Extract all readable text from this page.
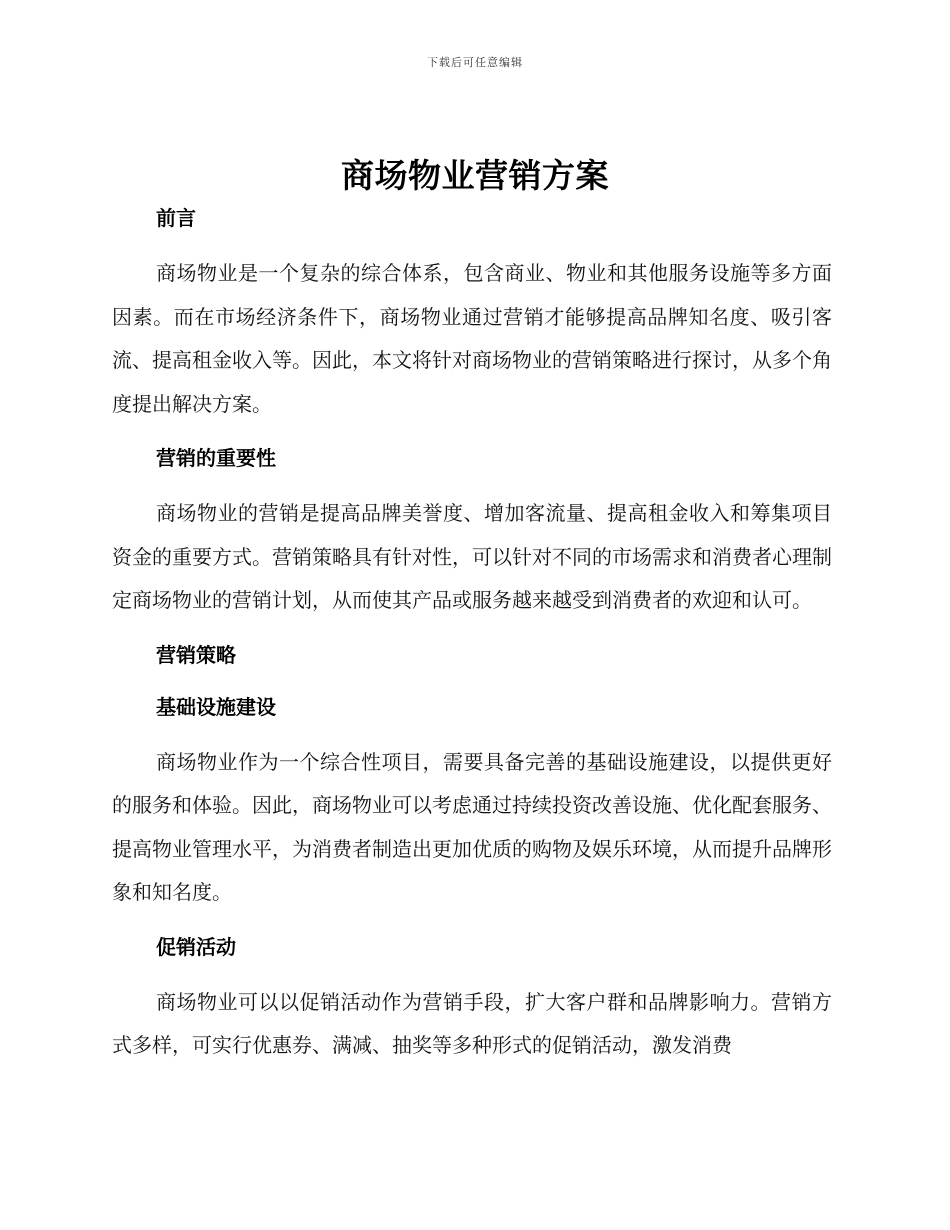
下载后可任意编辑
商场物业营销方案
前言

商场物业是一个复杂的综合体系，包含商业、物业和其他服务设施等多方面因素。而在市场经济条件下，商场物业通过营销才能够提高品牌知名度、吸引客流、提高租金收入等。因此，本文将针对商场物业的营销策略进行探讨，从多个角度提出解决方案。

营销的重要性

商场物业的营销是提高品牌美誉度、增加客流量、提高租金收入和筹集项目资金的重要方式。营销策略具有针对性，可以针对不同的市场需求和消费者心理制定商场物业的营销计划，从而使其产品或服务越来越受到消费者的欢迎和认可。

营销策略
基础设施建设

商场物业作为一个综合性项目，需要具备完善的基础设施建设，以提供更好的服务和体验。因此，商场物业可以考虑通过持续投资改善设施、优化配套服务、提高物业管理水平，为消费者制造出更加优质的购物及娱乐环境，从而提升品牌形象和知名度。

促销活动

商场物业可以以促销活动作为营销手段，扩大客户群和品牌影响力。营销方式多样，可实行优惠券、满减、抽奖等多种形式的促销活动，激发消费
